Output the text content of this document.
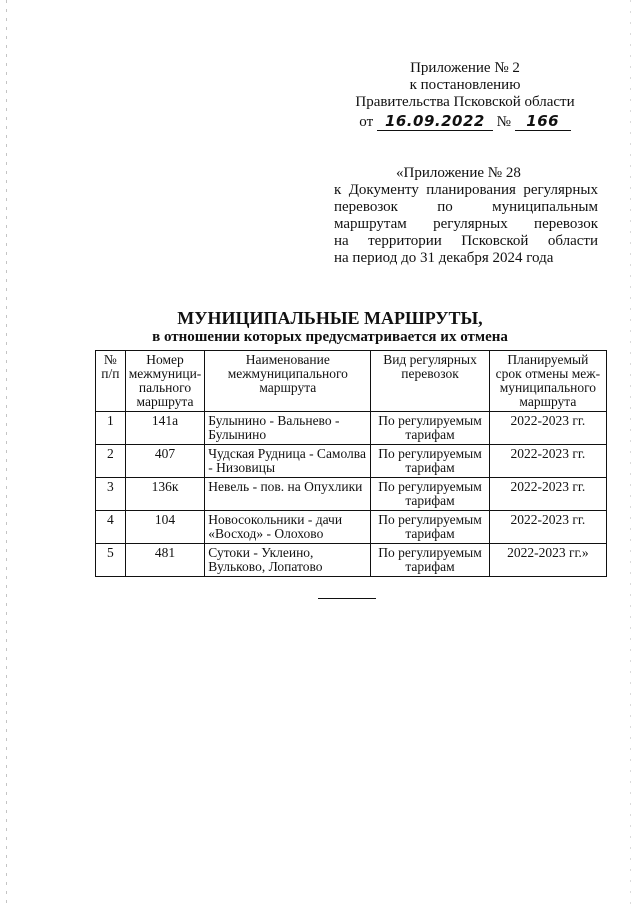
Приложение № 2
к постановлению
Правительства Псковской области
от 16.09.2022 № 166
«Приложение № 28
к Документу планирования регулярных
перевозок по муниципальным
маршрутам регулярных перевозок
на территории Псковской области
на период до 31 декабря 2024 года
МУНИЦИПАЛЬНЫЕ МАРШРУТЫ,
в отношении которых предусматривается их отмена
№ п/п	Номер межмуници-пального маршрута	Наименование межмуниципального маршрута	Вид регулярных перевозок	Планируемый срок отмены меж-муниципального маршрута
1	141а	Булынино - Вальнево - Булынино	По регулируемым тарифам	2022-2023 гг.
2	407	Чудская Рудница - Самолва - Низовицы	По регулируемым тарифам	2022-2023 гг.
3	136к	Невель - пов. на Опухлики	По регулируемым тарифам	2022-2023 гг.
4	104	Новосокольники - дачи «Восход» - Олохово	По регулируемым тарифам	2022-2023 гг.
5	481	Сутоки - Уклеино, Вульково, Лопатово	По регулируемым тарифам	2022-2023 гг.»
